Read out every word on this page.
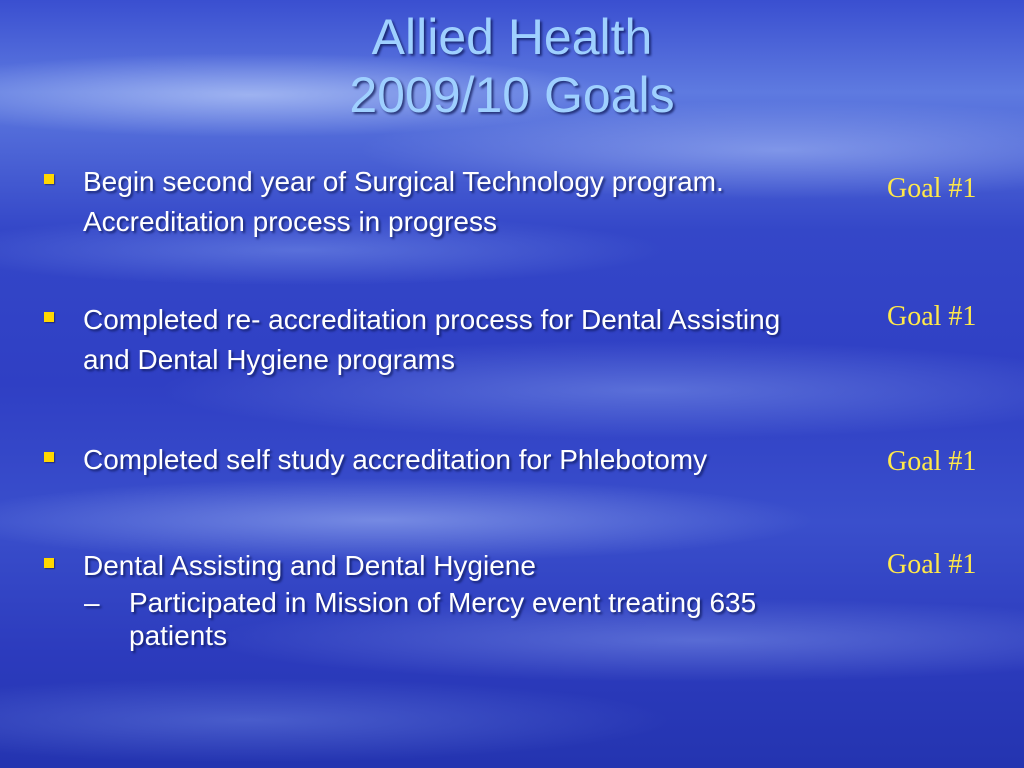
Allied Health
2009/10 Goals
Begin second year of Surgical Technology program. Accreditation process in progress
Goal #1
Completed re- accreditation process for Dental Assisting and Dental Hygiene programs
Goal #1
Completed self study accreditation for Phlebotomy	Goal #1
Dental Assisting and Dental Hygiene
–	Participated in Mission of Mercy event treating 635 patients
Goal #1
